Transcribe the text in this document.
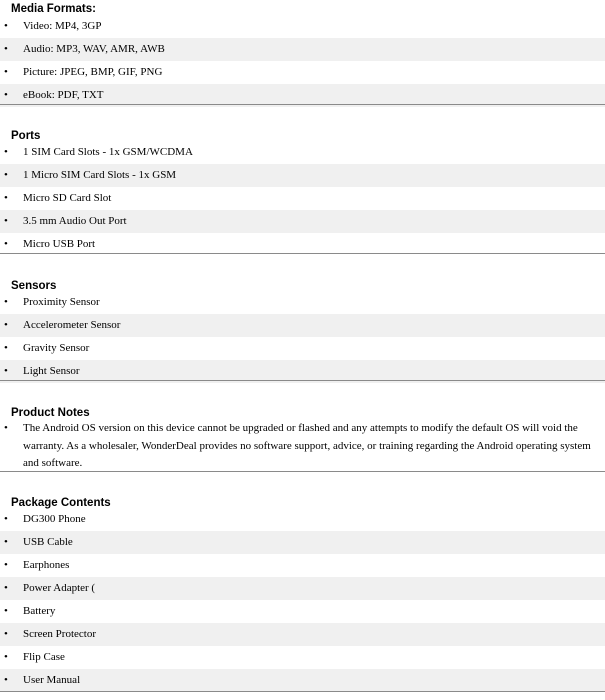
Media Formats:
• Video: MP4, 3GP
• Audio: MP3, WAV, AMR, AWB
• Picture: JPEG, BMP, GIF, PNG
• eBook: PDF, TXT
Ports
• 1 SIM Card Slots - 1x GSM/WCDMA
• 1 Micro SIM Card Slots - 1x GSM
• Micro SD Card Slot
• 3.5 mm Audio Out Port
• Micro USB Port
Sensors
• Proximity Sensor
• Accelerometer Sensor
• Gravity Sensor
• Light Sensor
Product Notes
• The Android OS version on this device cannot be upgraded or flashed and any attempts to modify the default OS will void the warranty. As a wholesaler, WonderDeal provides no software support, advice, or training regarding the Android operating system and software.
Package Contents
• DG300 Phone
• USB Cable
• Earphones
• Power Adapter (
• Battery
• Screen Protector
• Flip Case
• User Manual
